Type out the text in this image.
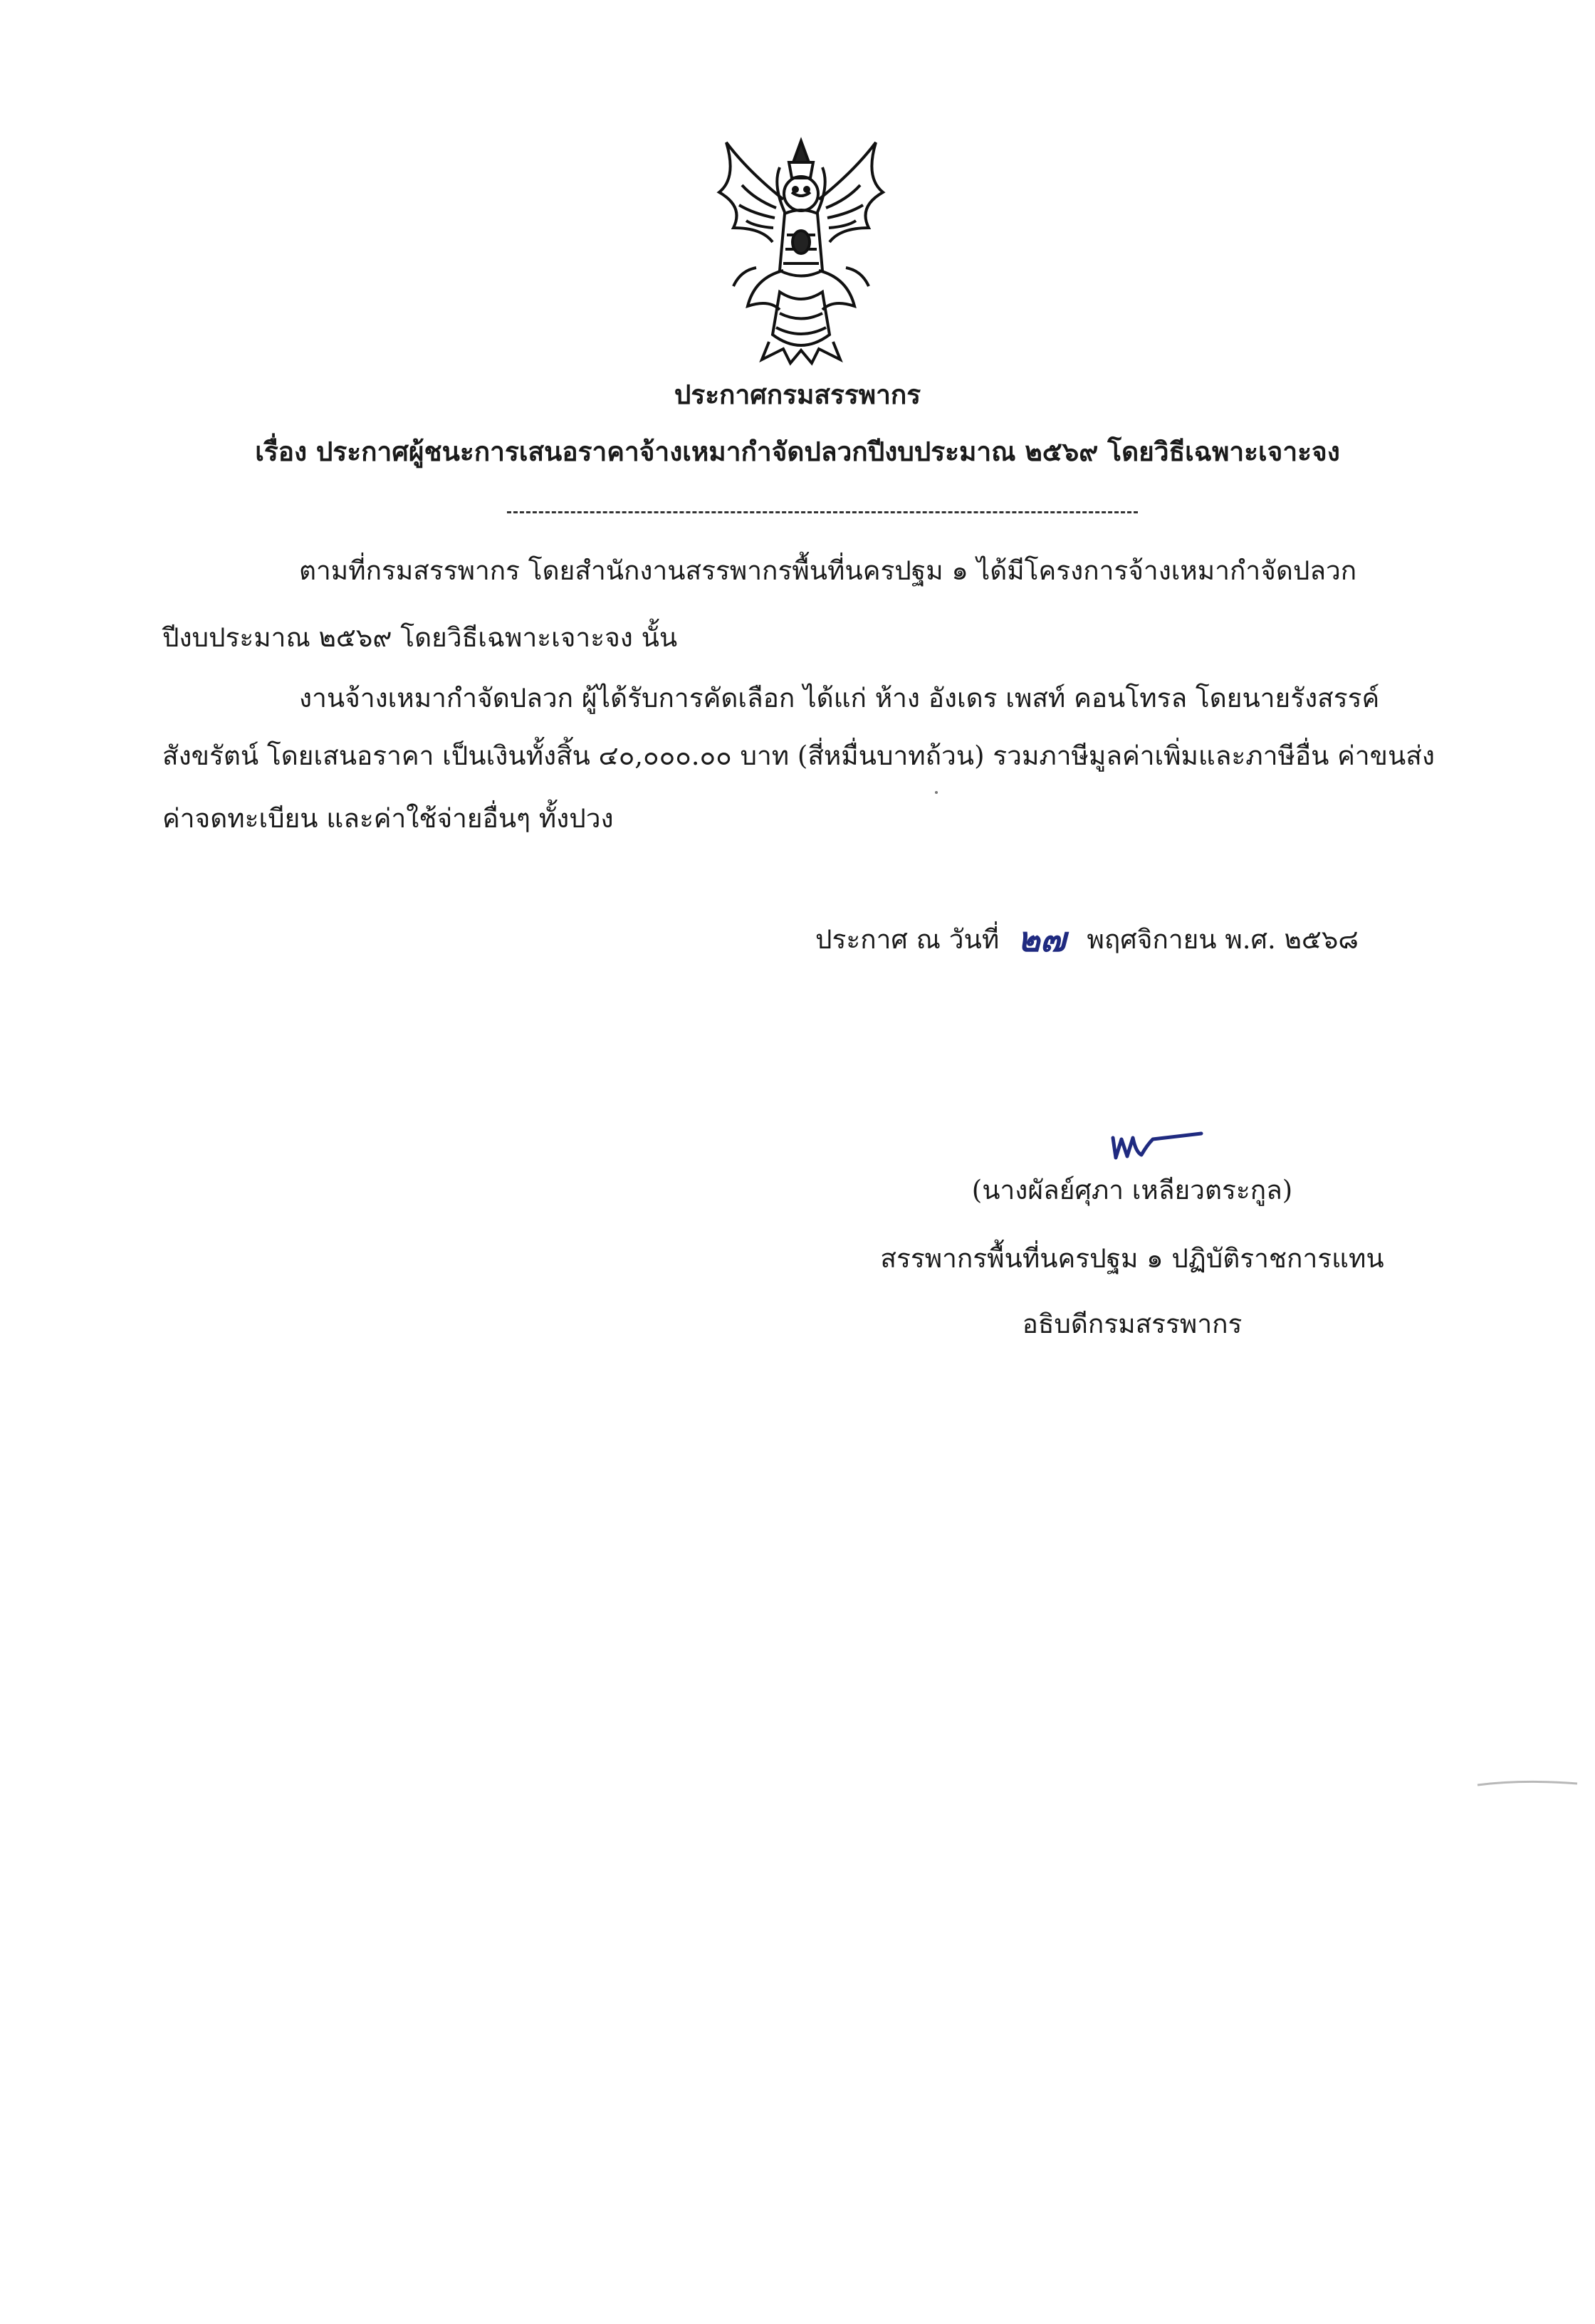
ประกาศกรมสรรพากร
เรื่อง ประกาศผู้ชนะการเสนอราคาจ้างเหมากำจัดปลวกปีงบประมาณ ๒๕๖๙ โดยวิธีเฉพาะเจาะจง
ตามที่กรมสรรพากร โดยสำนักงานสรรพากรพื้นที่นครปฐม ๑ ได้มีโครงการจ้างเหมากำจัดปลวก
ปีงบประมาณ ๒๕๖๙ โดยวิธีเฉพาะเจาะจง นั้น
งานจ้างเหมากำจัดปลวก ผู้ได้รับการคัดเลือก ได้แก่ ห้าง อังเดร เพสท์ คอนโทรล โดยนายรังสรรค์
สังขรัตน์ โดยเสนอราคา เป็นเงินทั้งสิ้น ๔๐,๐๐๐.๐๐ บาท (สี่หมื่นบาทถ้วน) รวมภาษีมูลค่าเพิ่มและภาษีอื่น ค่าขนส่ง
ค่าจดทะเบียน และค่าใช้จ่ายอื่นๆ ทั้งปวง
ประกาศ ณ วันที่ ๒๗ พฤศจิกายน พ.ศ. ๒๕๖๘
(นางผัลย์ศุภา เหลียวตระกูล)
สรรพากรพื้นที่นครปฐม ๑ ปฏิบัติราชการแทน
อธิบดีกรมสรรพากร
